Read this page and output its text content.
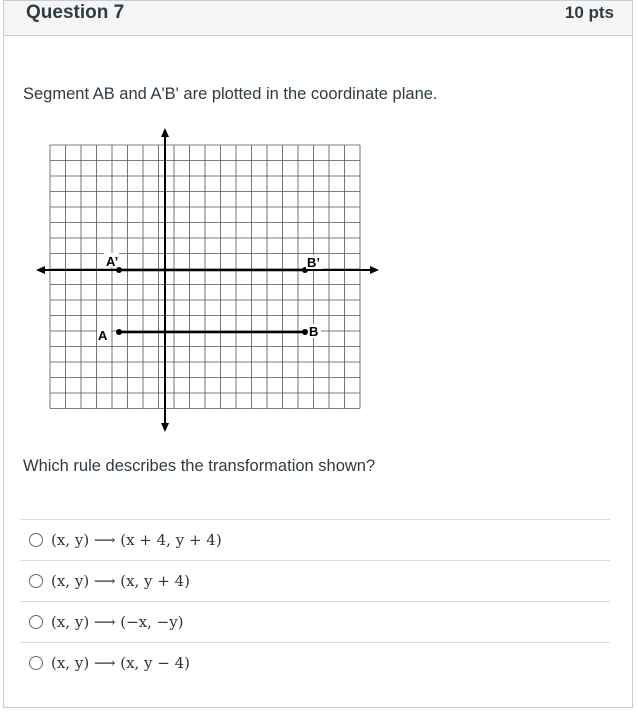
Question 7	10 pts
Segment AB and A'B' are plotted in the coordinate plane.
A’	B’
A	B
Which rule describes the transformation shown?
(x, y) ⟶ (x + 4, y + 4)
(x, y) ⟶ (x, y + 4)
(x, y) ⟶ (−x, −y)
(x, y) ⟶ (x, y − 4)
